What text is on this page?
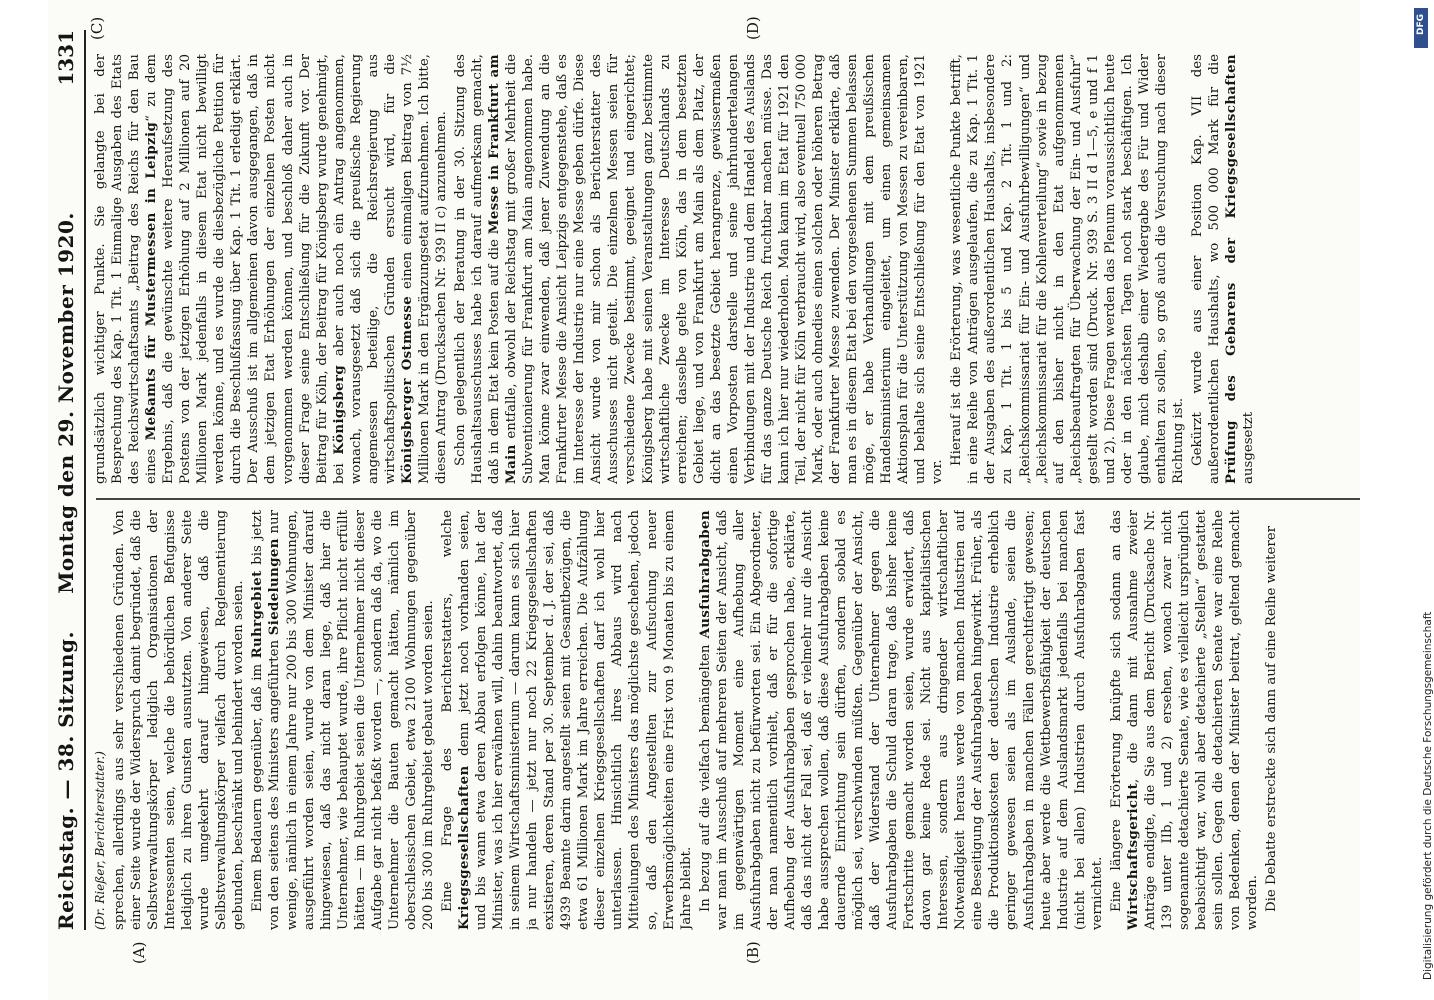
Reichstag. — 38. Sitzung.     Montag den 29. November 1920.
1331
(A)	(B)
(C)	(D)

(Dr. Rießer, Berichterstatter.) sprechen, allerdings aus sehr verschiedenen Gründen. Von einer Seite wurde der Widerspruch damit begründet, daß die Selbstverwaltungskörper lediglich Organisationen der Interessenten seien, welche die behördlichen Befugnisse lediglich zu ihren Gunsten ausnutzten. Von anderer Seite wurde umgekehrt darauf hingewiesen, daß die Selbstverwaltungskörper vielfach durch Reglementierung gebunden, beschränkt und behindert worden seien. Einem Bedauern gegenüber, daß im Ruhrgebiet bis jetzt von den seitens des Ministers angeführten Siedelungen nur wenige, nämlich in einem Jahre nur 200 bis 300 Wohnungen, ausgeführt worden seien, wurde von dem Minister darauf hingewiesen, daß das nicht daran liege, daß hier die Unternehmer, wie behauptet wurde, ihre Pflicht nicht erfüllt hätten — im Ruhrgebiet seien die Unternehmer nicht dieser Aufgabe gar nicht befaßt worden —, sondern daß da, wo die Unternehmer die Bauten gemacht hätten, nämlich im oberschlesischen Gebiet, etwa 2100 Wohnungen gegenüber 200 bis 300 im Ruhrgebiet gebaut worden seien. Eine Frage des Berichterstatters, welche Kriegsgesellschaften denn jetzt noch vorhanden seien, und bis wann etwa deren Abbau erfolgen könne, hat der Minister, was ich hier erwähnen will, dahin beantwortet, daß in seinem Wirtschaftsministerium — darum kann es sich hier ja nur handeln — jetzt nur noch 22 Kriegsgesellschaften existieren, deren Stand per 30. September d. J. der sei, daß 4939 Beamte darin angestellt seien mit Gesamtbezügen, die etwa 61 Millionen Mark im Jahre erreichen. Die Aufzählung dieser einzelnen Kriegsgesellschaften darf ich wohl hier unterlassen. Hinsichtlich ihres Abbaus wird nach Mitteilungen des Ministers das möglichste geschehen, jedoch so, daß den Angestellten zur Aufsuchung neuer Erwerbsmöglichkeiten eine Frist von 9 Monaten bis zu einem Jahre bleibt. In bezug auf die vielfach bemängelten Ausfuhrabgaben war man im Ausschuß auf mehreren Seiten der Ansicht, daß im gegenwärtigen Moment eine Aufhebung aller Ausfuhrabgaben nicht zu befürworten sei. Ein Abgeordneter, der man namentlich vorhielt, daß er für die sofortige Aufhebung der Ausfuhrabgaben gesprochen habe, erklärte, daß das nicht der Fall sei, daß er vielmehr nur die Ansicht habe aussprechen wollen, daß diese Ausfuhrabgaben keine dauernde Einrichtung sein dürften, sondern sobald es möglich sei, verschwinden müßten. Gegenüber der Ansicht, daß der Widerstand der Unternehmer gegen die Ausfuhrabgaben die Schuld daran trage, daß bisher keine Fortschritte gemacht worden seien, wurde erwidert, daß davon gar keine Rede sei. Nicht aus kapitalistischen Interessen, sondern aus dringender wirtschaftlicher Notwendigkeit heraus werde von manchen Industrien auf eine Beseitigung der Ausfuhrabgaben hingewirkt. Früher, als die Produktionskosten der deutschen Industrie erheblich geringer gewesen seien als im Auslande, seien die Ausfuhrabgaben in manchen Fällen gerechtfertigt gewesen; heute aber werde die Wettbewerbsfähigkeit der deutschen Industrie auf dem Auslandsmarkt jedenfalls bei manchen (nicht bei allen) Industrien durch Ausfuhrabgaben fast vernichtet. Eine längere Erörterung knüpfte sich sodann an das Wirtschaftsgericht, die dann mit Ausnahme zweier Anträge endigte, die Sie aus dem Bericht (Drucksache Nr. 139 unter IIb, 1 und 2) ersehen, wonach zwar nicht sogenannte detachierte Senate, wie es vielleicht ursprünglich beabsichtigt war, wohl aber detachierte „Stellen“ gestattet sein sollen. Gegen die detachierten Senate war eine Reihe von Bedenken, denen der Minister beitrat, geltend gemacht worden. Die Debatte erstreckte sich dann auf eine Reihe weiterer

grundsätzlich wichtiger Punkte. Sie gelangte bei der Besprechung des Kap. 1 Tit. 1 Einmalige Ausgaben des Etats des Reichswirtschaftsamts „Beitrag des Reichs für den Bau eines Meßamts für Mustermessen in Leipzig“ zu dem Ergebnis, daß die gewünschte weitere Heraufsetzung des Postens von der jetzigen Erhöhung auf 2 Millionen auf 20 Millionen Mark jedenfalls in diesem Etat nicht bewilligt werden könne, und es wurde die diesbezügliche Petition für durch die Beschlußfassung über Kap. 1 Tit. 1 erledigt erklärt. Der Ausschuß ist im allgemeinen davon ausgegangen, daß in dem jetzigen Etat Erhöhungen der einzelnen Posten nicht vorgenommen werden können, und beschloß daher auch in dieser Frage seine Entschließung für die Zukunft vor. Der Beitrag für Köln, der Beitrag für Königsberg wurde genehmigt, bei Königsberg aber auch noch ein Antrag angenommen, wonach, vorausgesetzt daß sich die preußische Regierung angemessen beteilige, die Reichsregierung aus wirtschaftspolitischen Gründen ersucht wird, für die Königsberger Ostmesse einen einmaligen Beitrag von 7½ Millionen Mark in den Ergänzungsetat aufzunehmen. Ich bitte, diesen Antrag (Drucksachen Nr. 939 II c) anzunehmen. Schon gelegentlich der Beratung in der 30. Sitzung des Haushaltsausschusses habe ich darauf aufmerksam gemacht, daß in dem Etat kein Posten auf die Messe in Frankfurt am Main entfalle, obwohl der Reichstag mit großer Mehrheit die Subventionierung für Frankfurt am Main angenommen habe. Man könne zwar einwenden, daß jener Zuwendung an die Frankfurter Messe die Ansicht Leipzigs entgegenstehe, daß es im Interesse der Industrie nur eine Messe geben dürfe. Diese Ansicht wurde von mir schon als Berichterstatter des Ausschusses nicht geteilt. Die einzelnen Messen seien für verschiedene Zwecke bestimmt, geeignet und eingerichtet; Königsberg habe mit seinen Veranstaltungen ganz bestimmte wirtschaftliche Zwecke im Interesse Deutschlands zu erreichen; dasselbe gelte von Köln, das in dem besetzten Gebiet liege, und von Frankfurt am Main als dem Platz, der dicht an das besetzte Gebiet herangrenze, gewissermaßen einen Vorposten darstelle und seine jahrhundertelangen Verbindungen mit der Industrie und dem Handel des Auslands für das ganze Deutsche Reich fruchtbar machen müsse. Das kann ich hier nur wiederholen. Man kann im Etat für 1921 den Teil, der nicht für Köln verbraucht wird, also eventuell 750 000 Mark, oder auch ohnedies einen solchen oder höheren Betrag der Frankfurter Messe zuwenden. Der Minister erklärte, daß man es in diesem Etat bei den vorgesehenen Summen belassen möge, er habe Verhandlungen mit dem preußischen Handelsministerium eingeleitet, um einen gemeinsamen Aktionsplan für die Unterstützung von Messen zu vereinbaren, und behalte sich seine Entschließung für den Etat von 1921 vor.

Hierauf ist die Erörterung, was wesentliche Punkte betrifft, in eine Reihe von Anträgen ausgelaufen, die zu Kap. 1 Tit. 1 der Ausgaben des außerordentlichen Haushalts, insbesondere zu Kap. 1 Tit. 1 bis 5 und Kap. 2 Tit. 1 und 2: „Reichskommissariat für Ein- und Ausfuhrbewilligungen“ und „Reichskommissariat für die Kohlenverteilung“ sowie in bezug auf den bisher nicht in den Etat aufgenommenen „Reichsbeauftragten für Überwachung der Ein- und Ausfuhr“ gestellt worden sind (Druck. Nr. 939 S. 3 II d 1—5, e und f 1 und 2). Diese Fragen werden das Plenum voraussichtlich heute oder in den nächsten Tagen noch stark beschäftigen. Ich glaube, mich deshalb einer Wiedergabe des Für und Wider enthalten zu sollen, so groß auch die Versuchung nach dieser Richtung ist. Gekürzt wurde aus einer Position Kap. VII des außerordentlichen Haushalts, wo 500 000 Mark für die Prüfung des Gebarens der Kriegsgesellschaften ausgesetzt

Digitalisierung gefördert durch die Deutsche Forschungsgemeinschaft
DFG
